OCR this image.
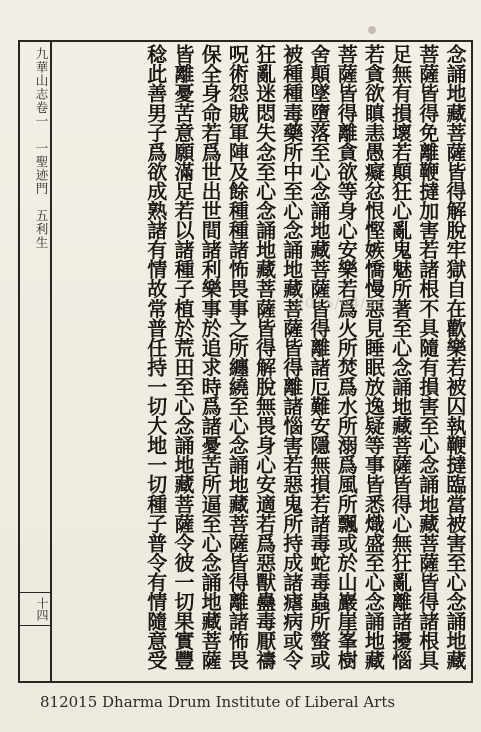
九華山志卷一　一聖迹門　五利生
十四	念誦地藏菩薩皆得解脫牢獄自在歡樂若被囚執鞭撻臨當被害至心念誦地藏
菩薩皆得免離鞭撻加害若諸根不具隨有損害至心念誦地藏菩薩皆得諸根具
足無有損壞若顛狂心亂鬼魅所著至心念誦地藏菩薩皆得心無狂亂離諸擾惱
若貪欲瞋恚愚癡忿恨慳嫉憍慢惡見睡眠放逸疑等事皆悉熾盛至心念誦地藏
菩薩皆得離貪欲等身心安樂若爲火所焚爲水所溺爲風所飄或於山巖崖峯樹
舍顛墜墮落至心念誦地藏菩薩皆得離諸厄難安隱無損若諸毒蛇毒蟲所螫或
被種種毒藥所中至心念誦地藏菩薩皆得離諸惱害若惡鬼所持成諸瘧病或令
狂亂迷悶失念至心念誦地藏菩薩皆得解脫無畏身心安適若爲惡獸蠱毒厭禱
呪術怨賊軍陣及餘種種諸怖畏事之所纏繞至心念誦地藏菩薩皆得離諸怖畏
保全身命若爲世出世間諸利樂事於追求時爲諸憂苦所逼至心念誦地藏菩薩
皆離憂苦意願滿足若以諸種子植於荒田至心念誦地藏菩薩令彼一切果實豐
稔此善男子爲欲成熟諸有情故常普任持一切大地一切種子普令有情隨意受	2015/04/26
812015 Dharma Drum Institute of Liberal Arts
